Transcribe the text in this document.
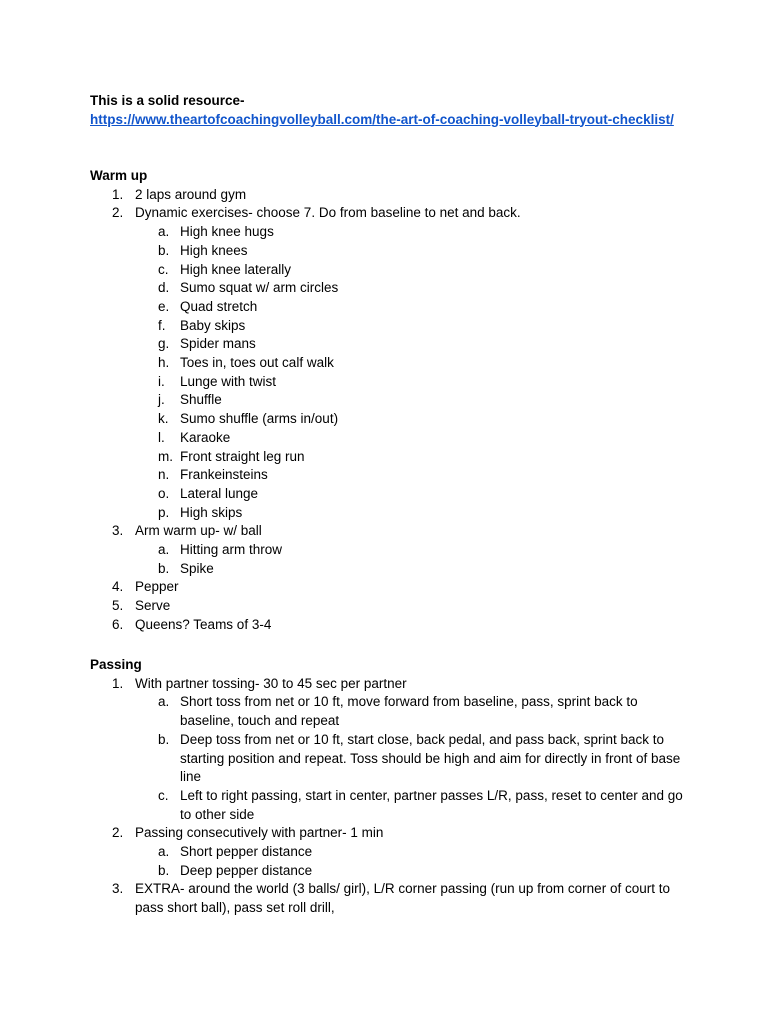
This is a solid resource-
https://www.theartofcoachingvolleyball.com/the-art-of-coaching-volleyball-tryout-checklist/

Warm up

1. 2 laps around gym
2. Dynamic exercises- choose 7. Do from baseline to net and back.
a. High knee hugs
b. High knees
c. High knee laterally
d. Sumo squat w/ arm circles
e. Quad stretch
f. Baby skips
g. Spider mans
h. Toes in, toes out calf walk
i. Lunge with twist
j. Shuffle
k. Sumo shuffle (arms in/out)
l. Karaoke
m. Front straight leg run
n. Frankeinsteins
o. Lateral lunge
p. High skips
3. Arm warm up- w/ ball
a. Hitting arm throw
b. Spike
4. Pepper
5. Serve
6. Queens? Teams of 3-4

Passing

1. With partner tossing- 30 to 45 sec per partner
a. Short toss from net or 10 ft, move forward from baseline, pass, sprint back to baseline, touch and repeat
b. Deep toss from net or 10 ft, start close, back pedal, and pass back, sprint back to starting position and repeat. Toss should be high and aim for directly in front of base line
c. Left to right passing, start in center, partner passes L/R, pass, reset to center and go to other side
2. Passing consecutively with partner- 1 min
a. Short pepper distance
b. Deep pepper distance
3. EXTRA- around the world (3 balls/ girl), L/R corner passing (run up from corner of court to pass short ball), pass set roll drill,
